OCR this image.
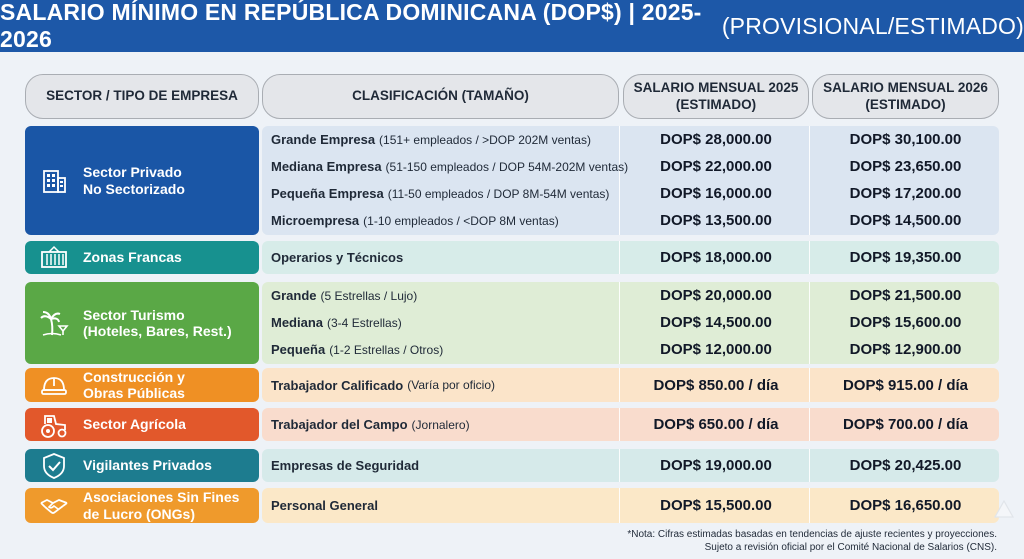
SALARIO MÍNIMO EN REPÚBLICA DOMINICANA (DOP$) | 2025-2026
(PROVISIONAL/ESTIMADO)
SECTOR / TIPO DE EMPRESA	CLASIFICACIÓN (TAMAÑO)
SALARIO MENSUAL 2025
(ESTIMADO)
SALARIO MENSUAL 2026
(ESTIMADO)
Sector Privado
No Sectorizado
Grande Empresa (151+ empleados / >DOP 202M ventas)	DOP$ 28,000.00	DOP$ 30,100.00
Mediana Empresa (51-150 empleados / DOP 54M-202M ventas)	DOP$ 22,000.00	DOP$ 23,650.00
Pequeña Empresa (11-50 empleados / DOP 8M-54M ventas)	DOP$ 16,000.00	DOP$ 17,200.00
Microempresa (1-10 empleados / <DOP 8M ventas)	DOP$ 13,500.00	DOP$ 14,500.00
Zonas Francas	Operarios y Técnicos	DOP$ 18,000.00	DOP$ 19,350.00
Sector Turismo
(Hoteles, Bares, Rest.)
Grande (5 Estrellas / Lujo)	DOP$ 20,000.00	DOP$ 21,500.00
Mediana (3-4 Estrellas)	DOP$ 14,500.00	DOP$ 15,600.00
Pequeña (1-2 Estrellas / Otros)	DOP$ 12,000.00	DOP$ 12,900.00
Construcción y
Obras Públicas	Trabajador Calificado (Varía por oficio)	DOP$ 850.00 / día	DOP$ 915.00 / día
Sector Agrícola	Trabajador del Campo (Jornalero)	DOP$ 650.00 / día	DOP$ 700.00 / día
Vigilantes Privados	Empresas de Seguridad	DOP$ 19,000.00	DOP$ 20,425.00
Asociaciones Sin Fines
de Lucro (ONGs)	Personal General	DOP$ 15,500.00	DOP$ 16,650.00
*Nota: Cifras estimadas basadas en tendencias de ajuste recientes y proyecciones.
Sujeto a revisión oficial por el Comité Nacional de Salarios (CNS).
